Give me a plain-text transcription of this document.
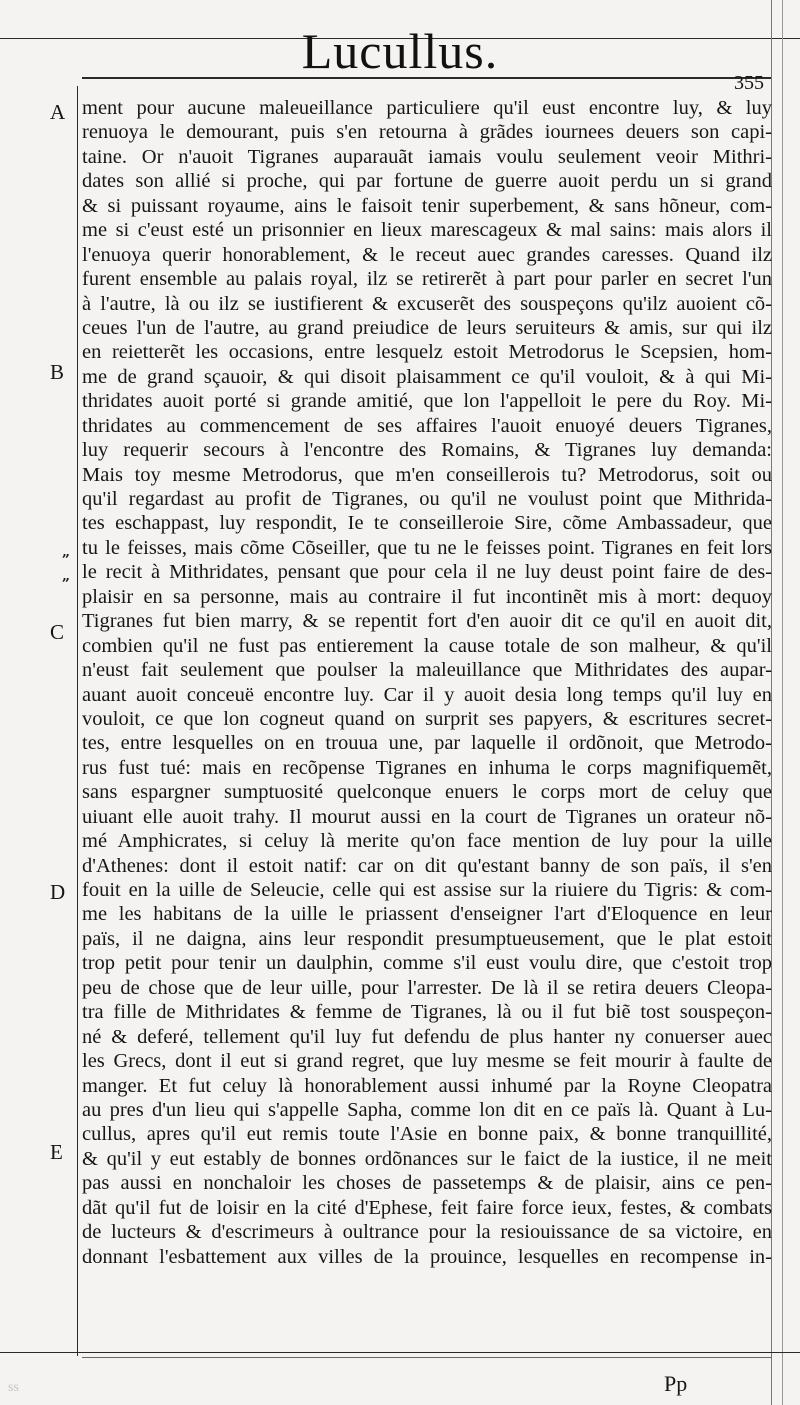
ѕѕ
Lucullus.
355
A
B
C
D
E
„
„
ment pour aucune maleueillance particuliere qu'il eust encontre luy, & luy
renuoya le demourant, puis s'en retourna à grãdes iournees deuers son capi-
taine. Or n'auoit Tigranes auparauãt iamais voulu seulement veoir Mithri-
dates son allié si proche, qui par fortune de guerre auoit perdu un si grand
& si puissant royaume, ains le faisoit tenir superbement, & sans hõneur, com-
me si c'eust esté un prisonnier en lieux marescageux & mal sains: mais alors il
l'enuoya querir honorablement, & le receut auec grandes caresses. Quand ilz
furent ensemble au palais royal, ilz se retirerẽt à part pour parler en secret l'un
à l'autre, là ou ilz se iustifierent & excuserẽt des souspeçons qu'ilz auoient cõ-
ceues l'un de l'autre, au grand preiudice de leurs seruiteurs & amis, sur qui ilz
en reietterẽt les occasions, entre lesquelz estoit Metrodorus le Scepsien, hom-
me de grand sçauoir, & qui disoit plaisamment ce qu'il vouloit, & à qui Mi-
thridates auoit porté si grande amitié, que lon l'appelloit le pere du Roy. Mi-
thridates au commencement de ses affaires l'auoit enuoyé deuers Tigranes,
luy requerir secours à l'encontre des Romains, & Tigranes luy demanda:
Mais toy mesme Metrodorus, que m'en conseillerois tu? Metrodorus, soit ou
qu'il regardast au profit de Tigranes, ou qu'il ne voulust point que Mithrida-
tes eschappast, luy respondit, Ie te conseilleroie Sire, cõme Ambassadeur, que
tu le feisses, mais cõme Cõseiller, que tu ne le feisses point. Tigranes en feit lors
le recit à Mithridates, pensant que pour cela il ne luy deust point faire de des-
plaisir en sa personne, mais au contraire il fut incontinẽt mis à mort: dequoy
Tigranes fut bien marry, & se repentit fort d'en auoir dit ce qu'il en auoit dit,
combien qu'il ne fust pas entierement la cause totale de son malheur, & qu'il
n'eust fait seulement que poulser la maleuillance que Mithridates des aupar-
auant auoit conceuë encontre luy. Car il y auoit desia long temps qu'il luy en
vouloit, ce que lon cogneut quand on surprit ses papyers, & escritures secret-
tes, entre lesquelles on en trouua une, par laquelle il ordõnoit, que Metrodo-
rus fust tué: mais en recõpense Tigranes en inhuma le corps magnifiquemẽt,
sans espargner sumptuosité quelconque enuers le corps mort de celuy que
uiuant elle auoit trahy. Il mourut aussi en la court de Tigranes un orateur nõ-
mé Amphicrates, si celuy là merite qu'on face mention de luy pour la uille
d'Athenes: dont il estoit natif: car on dit qu'estant banny de son païs, il s'en
fouit en la uille de Seleucie, celle qui est assise sur la riuiere du Tigris: & com-
me les habitans de la uille le priassent d'enseigner l'art d'Eloquence en leur
païs, il ne daigna, ains leur respondit presumptueusement, que le plat estoit
trop petit pour tenir un daulphin, comme s'il eust voulu dire, que c'estoit trop
peu de chose que de leur uille, pour l'arrester. De là il se retira deuers Cleopa-
tra fille de Mithridates & femme de Tigranes, là ou il fut biẽ tost souspeçon-
né & deferé, tellement qu'il luy fut defendu de plus hanter ny conuerser auec
les Grecs, dont il eut si grand regret, que luy mesme se feit mourir à faulte de
manger. Et fut celuy là honorablement aussi inhumé par la Royne Cleopatra
au pres d'un lieu qui s'appelle Sapha, comme lon dit en ce païs là. Quant à Lu-
cullus, apres qu'il eut remis toute l'Asie en bonne paix, & bonne tranquillité,
& qu'il y eut estably de bonnes ordõnances sur le faict de la iustice, il ne meit
pas aussi en nonchaloir les choses de passetemps & de plaisir, ains ce pen-
dãt qu'il fut de loisir en la cité d'Ephese, feit faire force ieux, festes, & combats
de lucteurs & d'escrimeurs à oultrance pour la resiouissance de sa victoire, en
donnant l'esbattement aux villes de la prouince, lesquelles en recompense in-
Pp
